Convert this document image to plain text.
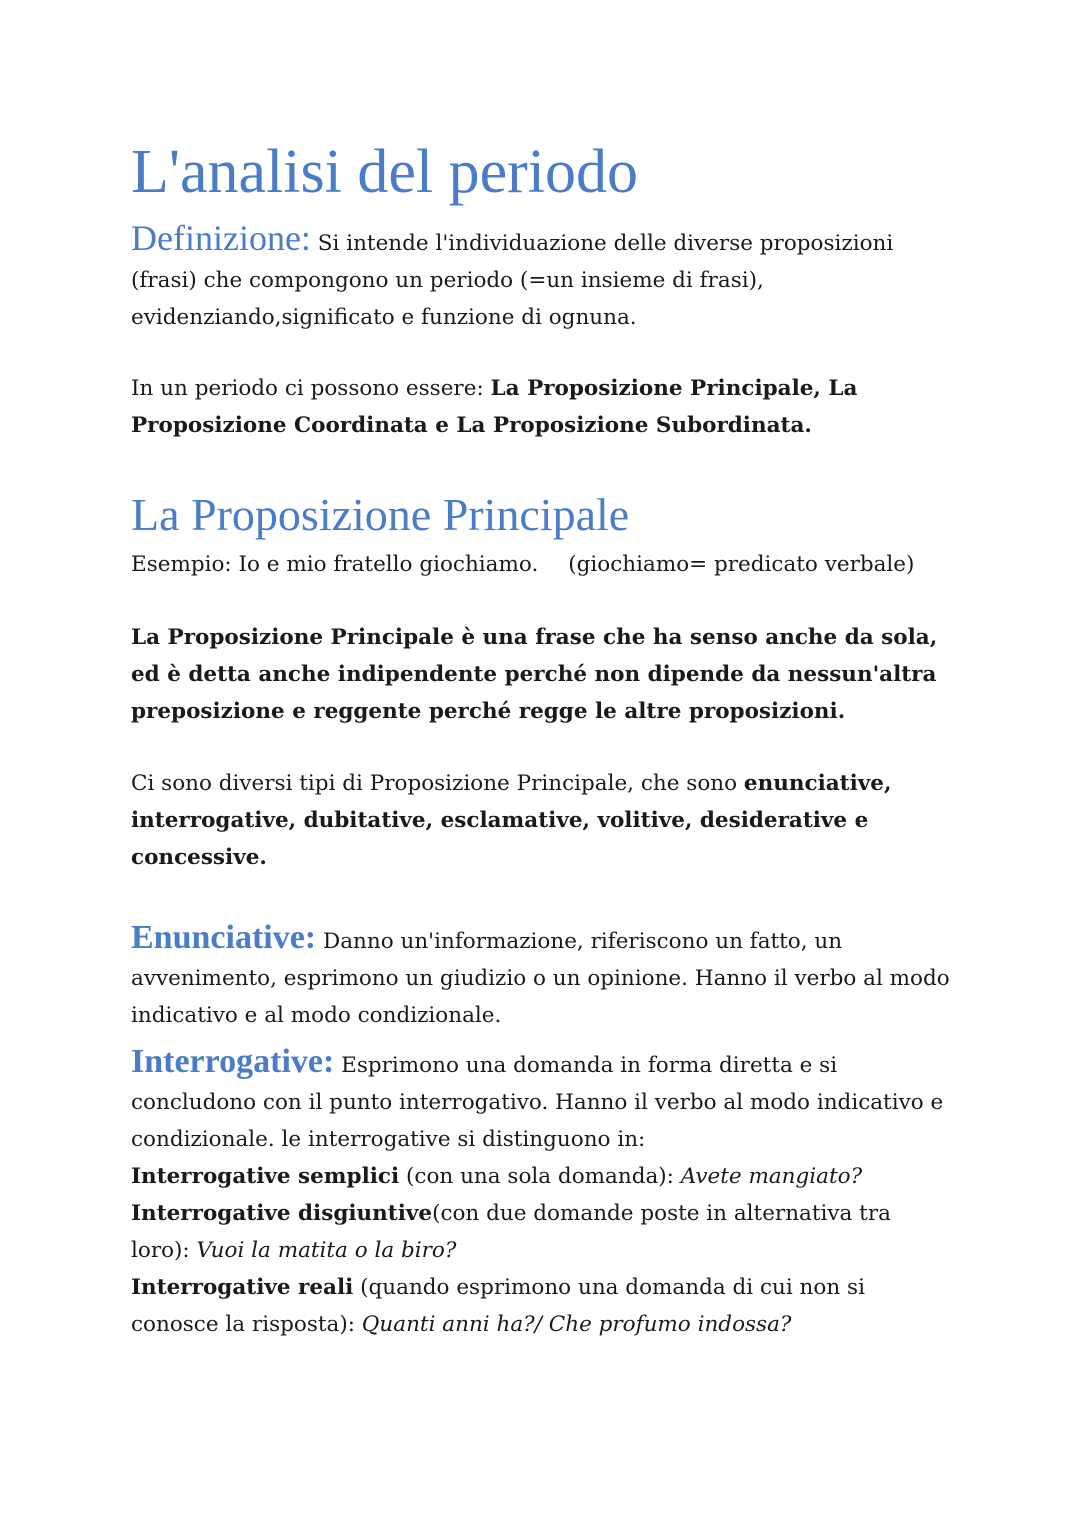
L'analisi del periodo

Definizione: Si intende l'individuazione delle diverse proposizioni (frasi) che compongono un periodo (=un insieme di frasi), evidenziando,significato e funzione di ognuna.

In un periodo ci possono essere: La Proposizione Principale, La Proposizione Coordinata e La Proposizione Subordinata.

La Proposizione Principale

Esempio: Io e mio fratello giochiamo. (giochiamo= predicato verbale)

La Proposizione Principale è una frase che ha senso anche da sola, ed è detta anche indipendente perché non dipende da nessun'altra preposizione e reggente perché regge le altre proposizioni.

Ci sono diversi tipi di Proposizione Principale, che sono enunciative, interrogative, dubitative, esclamative, volitive, desiderative e concessive.

Enunciative: Danno un'informazione, riferiscono un fatto, un avvenimento, esprimono un giudizio o un opinione. Hanno il verbo al modo indicativo e al modo condizionale.

Interrogative: Esprimono una domanda in forma diretta e si concludono con il punto interrogativo. Hanno il verbo al modo indicativo e condizionale. le interrogative si distinguono in:
Interrogative semplici (con una sola domanda): Avete mangiato?
Interrogative disgiuntive(con due domande poste in alternativa tra loro): Vuoi la matita o la biro?
Interrogative reali (quando esprimono una domanda di cui non si conosce la risposta): Quanti anni ha?/ Che profumo indossa?
